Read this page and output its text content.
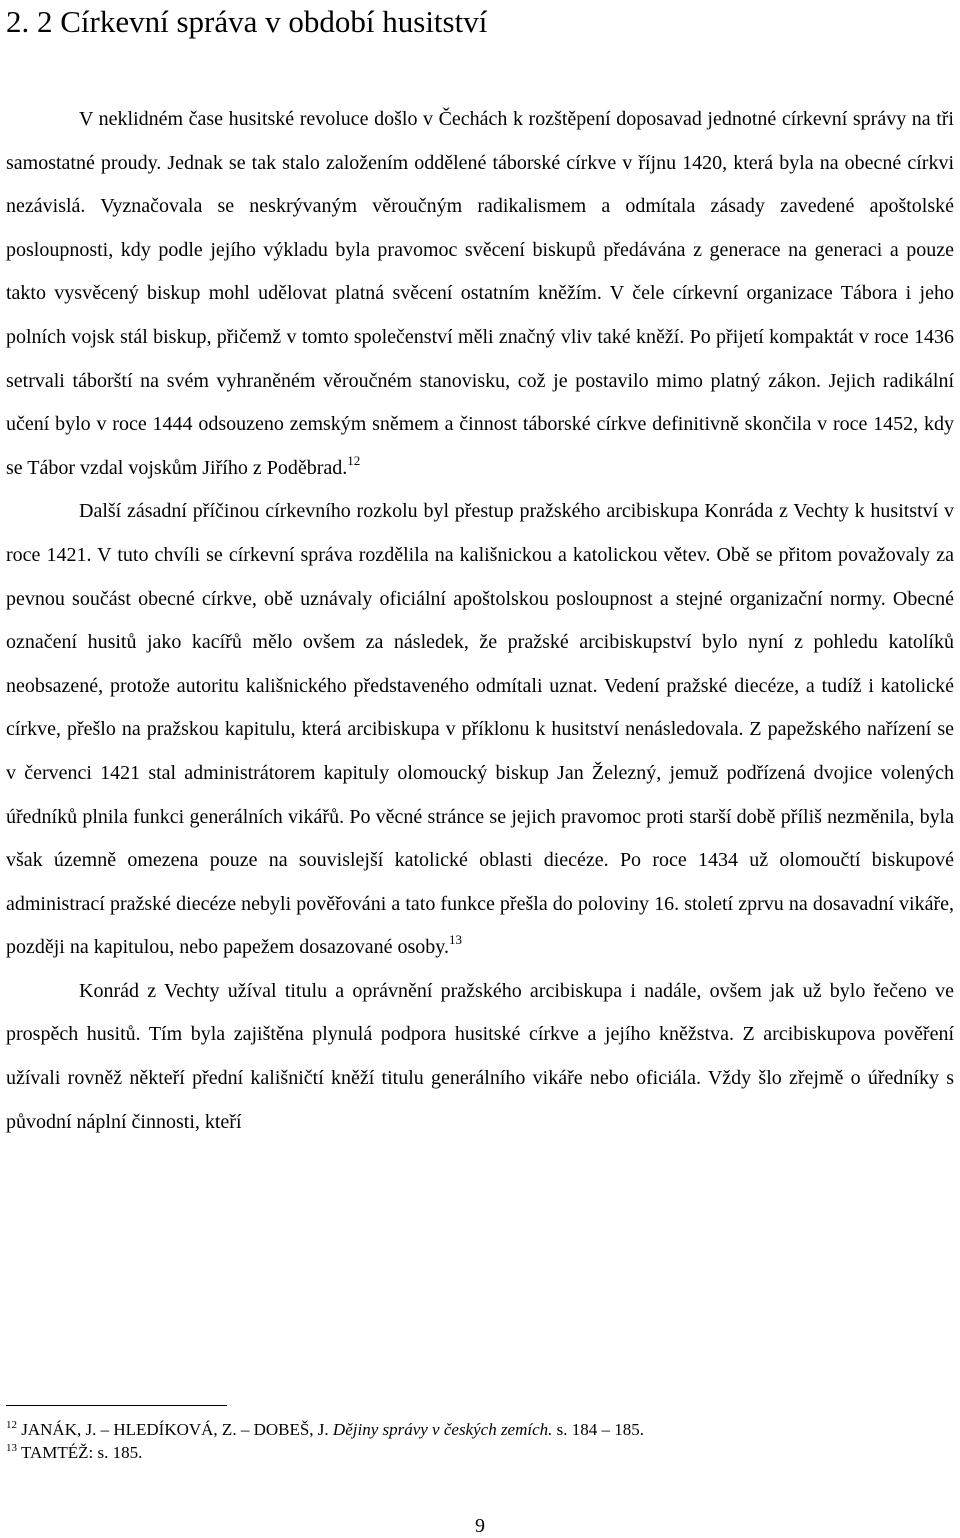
2. 2 Církevní správa v období husitství

V neklidném čase husitské revoluce došlo v Čechách k rozštěpení doposavad jednotné církevní správy na tři samostatné proudy. Jednak se tak stalo založením oddělené táborské církve v říjnu 1420, která byla na obecné církvi nezávislá. Vyznačovala se neskrývaným věroučným radikalismem a odmítala zásady zavedené apoštolské posloupnosti, kdy podle jejího výkladu byla pravomoc svěcení biskupů předávána z generace na generaci a pouze takto vysvěcený biskup mohl udělovat platná svěcení ostatním kněžím. V čele církevní organizace Tábora i jeho polních vojsk stál biskup, přičemž v tomto společenství měli značný vliv také kněží. Po přijetí kompaktát v roce 1436 setrvali táborští na svém vyhraněném věroučném stanovisku, což je postavilo mimo platný zákon. Jejich radikální učení bylo v roce 1444 odsouzeno zemským sněmem a činnost táborské církve definitivně skončila v roce 1452, kdy se Tábor vzdal vojskům Jiřího z Poděbrad.$^{12}$

Další zásadní příčinou církevního rozkolu byl přestup pražského arcibiskupa Konráda z Vechty k husitství v roce 1421. V tuto chvíli se církevní správa rozdělila na kališnickou a katolickou větev. Obě se přitom považovaly za pevnou součást obecné církve, obě uznávaly oficiální apoštolskou posloupnost a stejné organizační normy. Obecné označení husitů jako kacířů mělo ovšem za následek, že pražské arcibiskupství bylo nyní z pohledu katolíků neobsazené, protože autoritu kališnického představeného odmítali uznat. Vedení pražské diecéze, a tudíž i katolické církve, přešlo na pražskou kapitulu, která arcibiskupa v příklonu k husitství nenásledovala. Z papežského nařízení se v červenci 1421 stal administrátorem kapituly olomoucký biskup Jan Železný, jemuž podřízená dvojice volených úředníků plnila funkci generálních vikářů. Po věcné stránce se jejich pravomoc proti starší době příliš nezměnila, byla však územně omezena pouze na souvislejší katolické oblasti diecéze. Po roce 1434 už olomoučtí biskupové administrací pražské diecéze nebyli pověřováni a tato funkce přešla do poloviny 16. století zprvu na dosavadní vikáře, později na kapitulou, nebo papežem dosazované osoby.$^{13}$

Konrád z Vechty užíval titulu a oprávnění pražského arcibiskupa i nadále, ovšem jak už bylo řečeno ve prospěch husitů. Tím byla zajištěna plynulá podpora husitské církve a jejího kněžstva. Z arcibiskupova pověření užívali rovněž někteří přední kališničtí kněží titulu generálního vikáře nebo oficiála. Vždy šlo zřejmě o úředníky s původní náplní činnosti, kteří

$^{12}$ JANÁK, J. – HLEDÍKOVÁ, Z. – DOBEŠ, J. Dějiny správy v českých zemích. s. 184 – 185.
$^{13}$ TAMTÉŽ: s. 185.
9
